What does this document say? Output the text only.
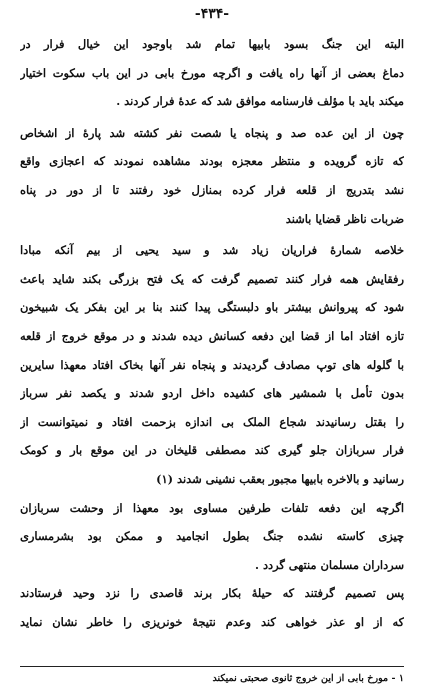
-۴۳۴-
البته این جنگ بسود بابیها تمام شد باوجود این خیال فرار در
دماغ بعضی از آنها راه یافت و اگرچه مورخ بابی در این باب سکوت اختیار
میکند باید با مؤلف فارسنامه موافق شد که عدهٔ فرار کردند .
چون از این عده صد و پنجاه یا شصت نفر کشته شد پارهٔ از اشخاص
که تازه گرویده و منتظر معجزه بودند مشاهده نمودند که اعجازی واقع
نشد بتدریج از قلعه فرار کرده بمنازل خود رفتند تا از دور در پناه
ضربات ناظر قضایا باشند
خلاصه شمارهٔ فراریان زیاد شد و سید یحیی از بیم آنکه مبادا
رفقایش همه فرار کنند تصمیم گرفت که یک فتح بزرگی بکند شاید باعث
شود که پیروانش بیشتر باو دلبستگی پیدا کنند بنا بر این بفکر یک شبیخون
تازه افتاد اما از قضا این دفعه کسانش دیده شدند و در موقع خروج از قلعه
با گلوله های توپ مصادف گردیدند و پنجاه نفر آنها بخاک افتاد معهذا سایرین
بدون تأمل با شمشیر های کشیده داخل اردو شدند و یکصد نفر سرباز
را بقتل رسانیدند شجاع الملک بی اندازه بزحمت افتاد و نمیتوانست از
فرار سربازان جلو گیری کند مصطفی قلیخان در این موقع بار و کومک
رسانید و بالاخره بابیها مجبور بعقب نشینی شدند (۱)
اگرچه این دفعه تلفات طرفین مساوی بود معهذا از وحشت سربازان
چیزی کاسته نشده جنگ بطول انجامید و ممکن بود بشرمساری
سرداران مسلمان منتهی گردد .
پس تصمیم گرفتند که حیلهٔ بکار برند قاصدی را نزد وحید فرستادند
که از او عذر خواهی کند وعدم نتیجهٔ خونریزی را خاطر نشان نماید
۱ - مورخ بابی از این خروج ثانوی صحبتی نمیکند
